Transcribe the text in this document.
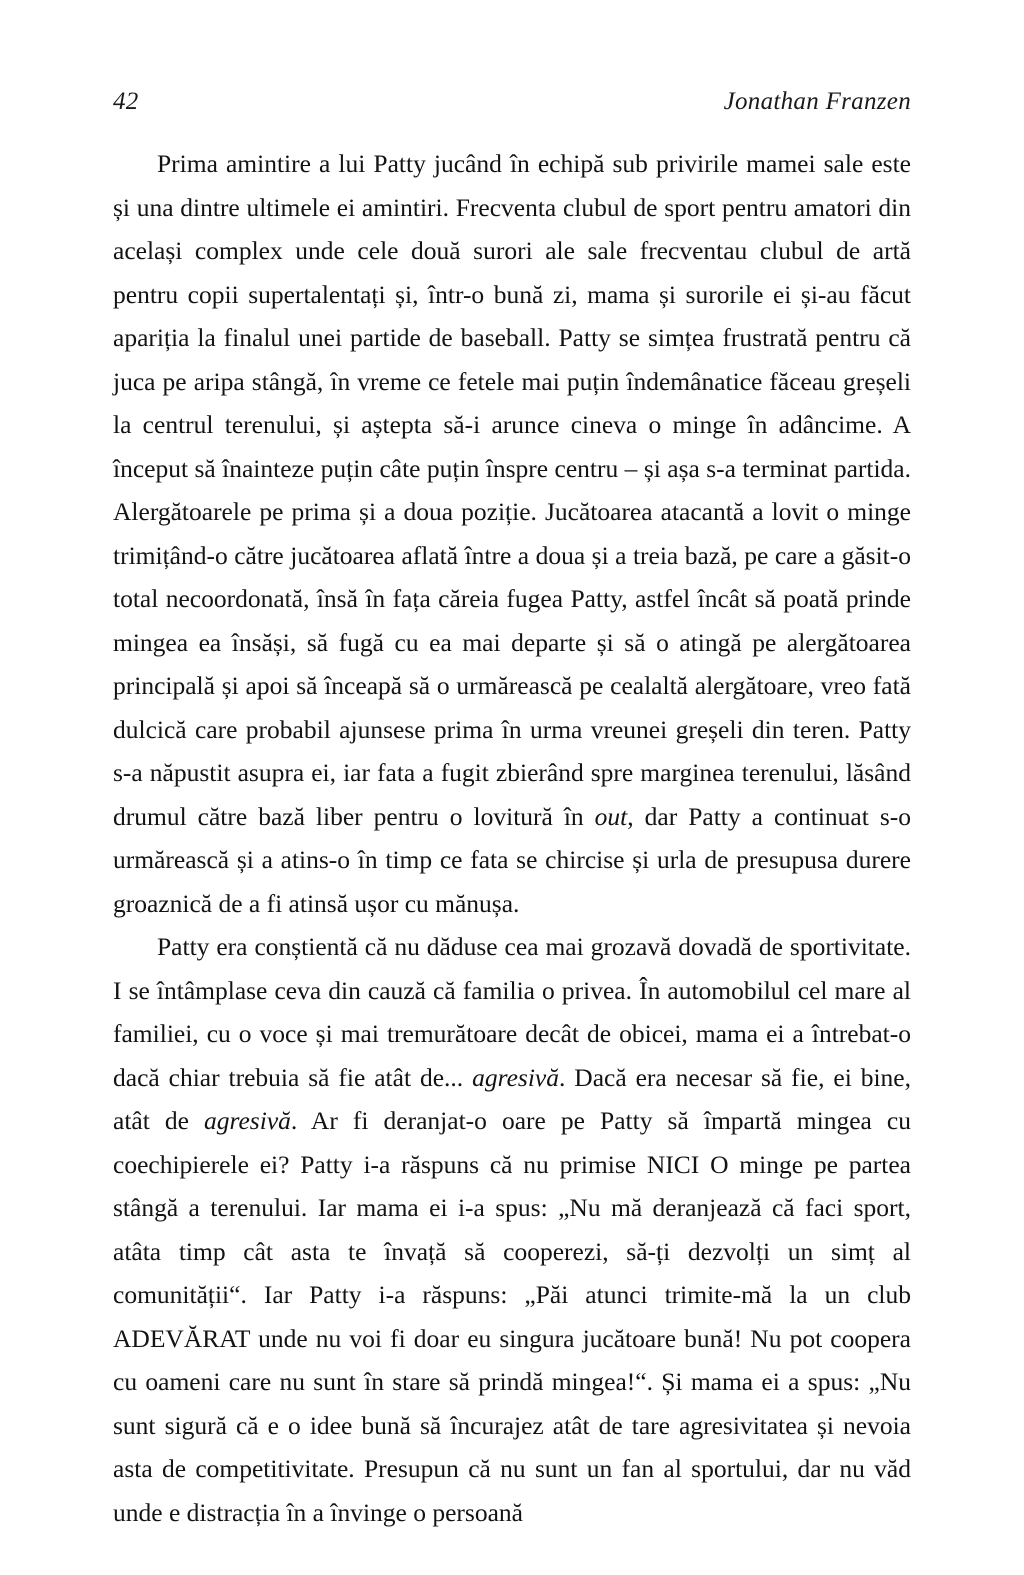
42	Jonathan Franzen

Prima amintire a lui Patty jucând în echipă sub privirile mamei sale este și una dintre ultimele ei amintiri. Frecventa clubul de sport pentru amatori din același complex unde cele două surori ale sale frecventau clubul de artă pentru copii supertalentați și, într-o bună zi, mama și surorile ei și-au făcut apariția la finalul unei partide de baseball. Patty se simțea frustrată pentru că juca pe aripa stângă, în vreme ce fetele mai puțin îndemânatice făceau greșeli la centrul terenului, și aștepta să-i arunce cineva o minge în adâncime. A început să înainteze puțin câte puțin înspre centru – și așa s-a terminat partida. Alergătoarele pe prima și a doua poziție. Jucătoarea atacantă a lovit o minge trimițând-o către jucătoarea aflată între a doua și a treia bază, pe care a găsit-o total necoordonată, însă în fața căreia fugea Patty, astfel încât să poată prinde mingea ea însăși, să fugă cu ea mai departe și să o atingă pe alergătoarea principală și apoi să înceapă să o urmărească pe cealaltă alergătoare, vreo fată dulcică care probabil ajunsese prima în urma vreunei greșeli din teren. Patty s-a năpustit asupra ei, iar fata a fugit zbierând spre marginea terenului, lăsând drumul către bază liber pentru o lovitură în out, dar Patty a continuat s-o urmărească și a atins-o în timp ce fata se chircise și urla de presupusa durere groaznică de a fi atinsă ușor cu mănușa.

Patty era conștientă că nu dăduse cea mai grozavă dovadă de sportivitate. I se întâmplase ceva din cauză că familia o privea. În automobilul cel mare al familiei, cu o voce și mai tremurătoare decât de obicei, mama ei a întrebat-o dacă chiar trebuia să fie atât de... agresivă. Dacă era necesar să fie, ei bine, atât de agresivă. Ar fi deranjat-o oare pe Patty să împartă mingea cu coechipierele ei? Patty i-a răspuns că nu primise NICI O minge pe partea stângă a terenului. Iar mama ei i-a spus: „Nu mă deranjează că faci sport, atâta timp cât asta te învață să cooperezi, să-ți dezvolți un simț al comunității“. Iar Patty i-a răspuns: „Păi atunci trimite-mă la un club ADEVĂRAT unde nu voi fi doar eu singura jucătoare bună! Nu pot coopera cu oameni care nu sunt în stare să prindă mingea!“. Și mama ei a spus: „Nu sunt sigură că e o idee bună să încurajez atât de tare agresivitatea și nevoia asta de competitivitate. Presupun că nu sunt un fan al sportului, dar nu văd unde e distracția în a învinge o persoană
